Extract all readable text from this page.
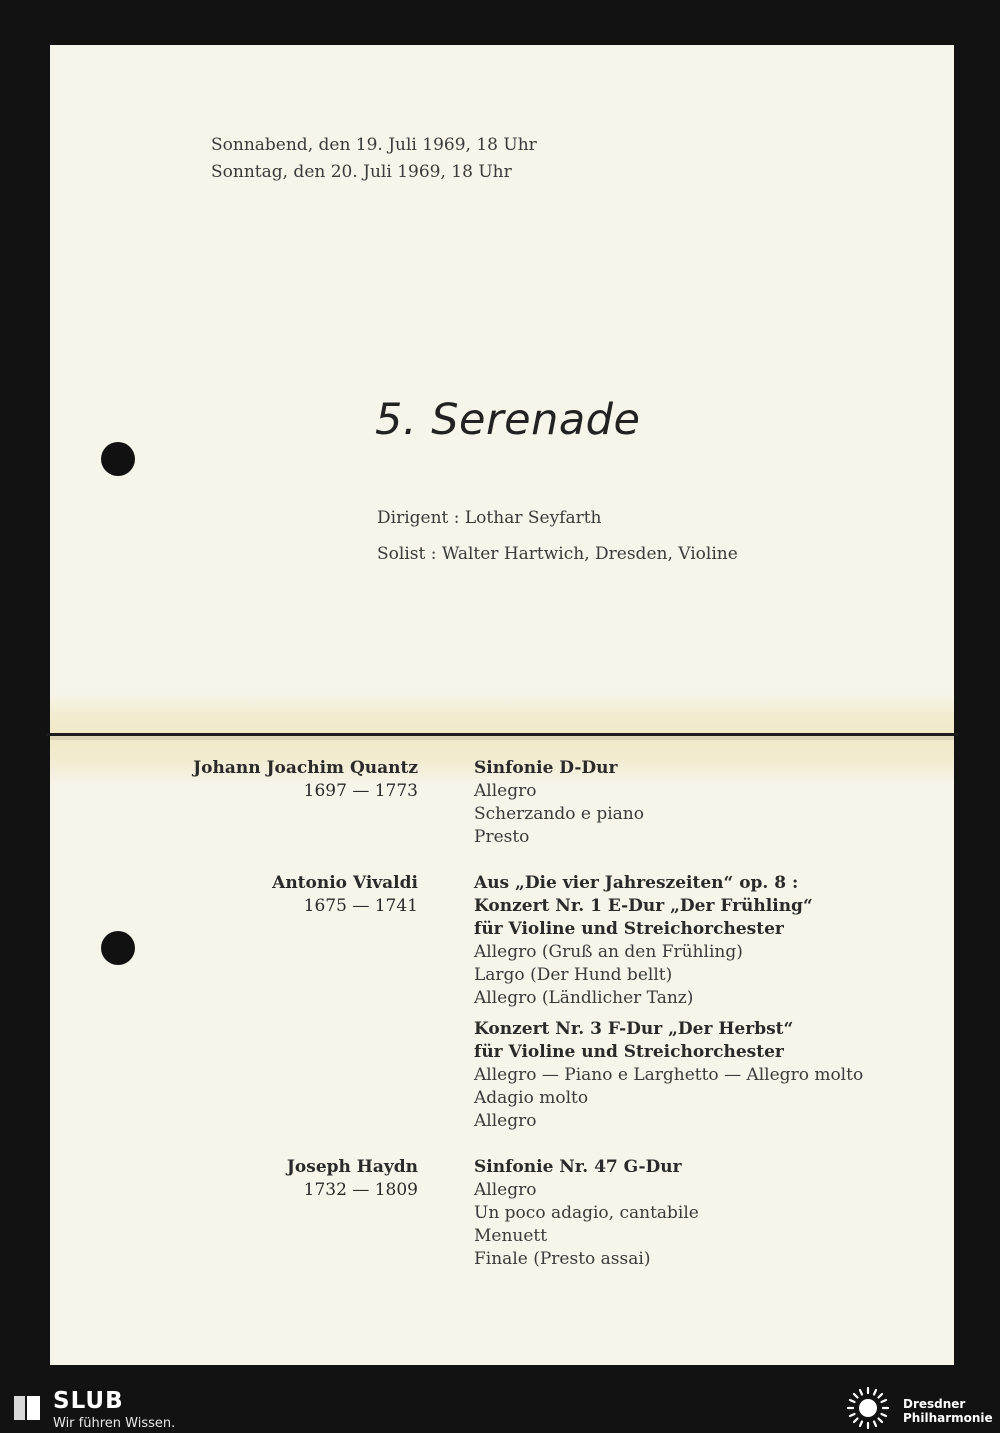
Sonnabend, den 19. Juli 1969, 18 Uhr
Sonntag, den 20. Juli 1969, 18 Uhr
5. Serenade
Dirigent : Lothar Seyfarth
Solist : Walter Hartwich, Dresden, Violine
Johann Joachim Quantz
1697 — 1773
Sinfonie D-Dur
Allegro
Scherzando e piano
Presto
Antonio Vivaldi
1675 — 1741
Aus „Die vier Jahreszeiten“ op. 8 :
Konzert Nr. 1 E-Dur „Der Frühling“
für Violine und Streichorchester
Allegro (Gruß an den Frühling)
Largo (Der Hund bellt)
Allegro (Ländlicher Tanz)
Konzert Nr. 3 F-Dur „Der Herbst“
für Violine und Streichorchester
Allegro — Piano e Larghetto — Allegro molto
Adagio molto
Allegro
Joseph Haydn
1732 — 1809
Sinfonie Nr. 47 G-Dur
Allegro
Un poco adagio, cantabile
Menuett
Finale (Presto assai)
SLUB
Wir führen Wissen.
Dresdner
Philharmonie
